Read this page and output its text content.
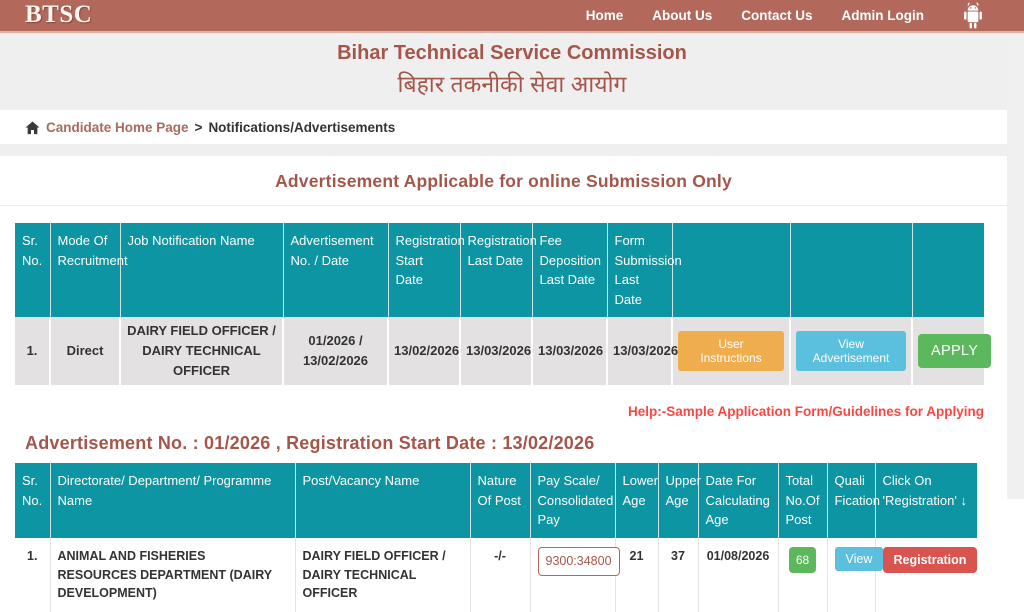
BTSC	Home About Us Contact Us Admin Login
Bihar Technical Service Commission
बिहार तकनीकी सेवा आयोग
Candidate Home Page > Notifications/Advertisements
Advertisement Applicable for online Submission Only
Sr. No.	Mode Of Recruitment	Job Notification Name	Advertisement No. / Date	Registration Start Date	Registration Last Date	Fee Deposition Last Date	Form Submission Last Date			
1.	Direct	DAIRY FIELD OFFICER / DAIRY TECHNICAL OFFICER	01/2026 / 13/02/2026	13/02/2026	13/03/2026	13/03/2026	13/03/2026	User Instructions	View Advertisement	APPLY
Help:-Sample Application Form/Guidelines for Applying
Advertisement No. : 01/2026 , Registration Start Date : 13/02/2026
Sr. No.	Directorate/ Department/ Programme Name	Post/Vacancy Name	Nature Of Post	Pay Scale/ Consolidated Pay	Lower Age	Upper Age	Date For Calculating Age	Total No.Of Post	Quali Fication	Click On 'Registration' ↓
1.	ANIMAL AND FISHERIES RESOURCES DEPARTMENT (DAIRY DEVELOPMENT)	DAIRY FIELD OFFICER / DAIRY TECHNICAL OFFICER	-/-	9300:34800	21	37	01/08/2026	68	View	Registration
